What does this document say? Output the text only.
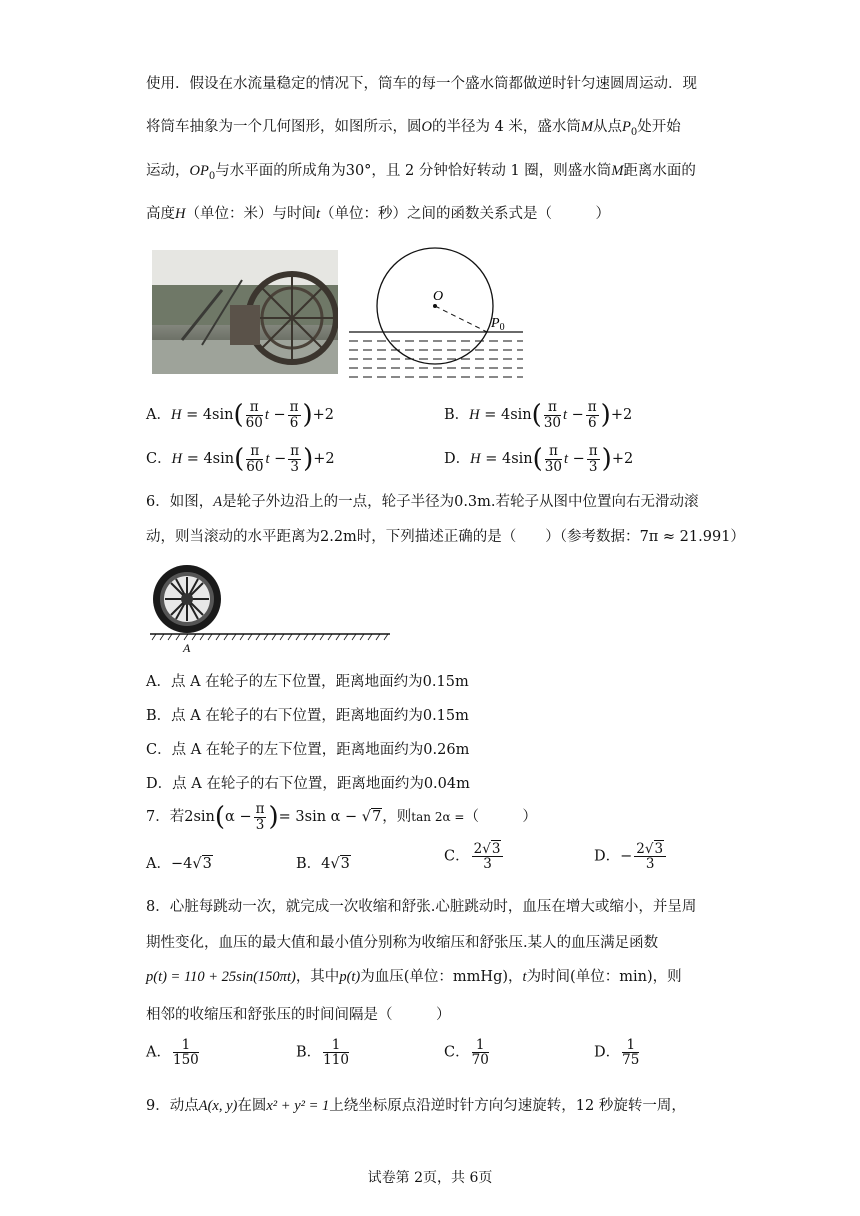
使用．假设在水流量稳定的情况下，筒车的每一个盛水筒都做逆时针匀速圆周运动．现
将筒车抽象为一个几何图形，如图所示，圆O的半径为 4 米，盛水筒M从点$P_0$处开始
运动，$OP_0$与水平面的所成角为30°，且 2 分钟恰好转动 1 圈，则盛水筒M距离水面的
高度H（单位：米）与时间t（单位：秒）之间的函数关系式是（　　　）
O
$P_0$
A．$H = 4\sin( \frac{\pi}{60}$ $t - \frac{\pi}{6} )+2$	B．$H = 4\sin( \frac{\pi}{30}$ $t - \frac{\pi}{6} )+2$
C．$H = 4\sin( \frac{\pi}{60}$ $t - \frac{\pi}{3} )+2$	D．$H = 4\sin( \frac{\pi}{30}$ $t - \frac{\pi}{3} )+2$
6．如图，A是轮子外边沿上的一点，轮子半径为0.3m.若轮子从图中位置向右无滑动滚
动，则当滚动的水平距离为2.2m时，下列描述正确的是（　　）（参考数据：7π ≈ 21.991）
A
A．点 A 在轮子的左下位置，距离地面约为0.15m
B．点 A 在轮子的右下位置，距离地面约为0.15m
C．点 A 在轮子的左下位置，距离地面约为0.26m
D．点 A 在轮子的右下位置，距离地面约为0.04m
7．若$2\sin(\alpha - \frac{\pi}{3}$ )= 3sin α − √7，则tan 2α =（　　　）
A．−4√3	B．4√3	C． $\frac{2√3}{3}$	D．− $\frac{2√3}{3}$
8．心脏每跳动一次，就完成一次收缩和舒张.心脏跳动时，血压在增大或缩小，并呈周
期性变化，血压的最大值和最小值分别称为收缩压和舒张压.某人的血压满足函数
p(t) = 110 + 25sin(150πt)，其中p(t)为血压(单位：mmHg)，t为时间(单位：min)，则
相邻的收缩压和舒张压的时间间隔是（　　　）
A． $\frac{1}{150}$	B． $\frac{1}{110}$	C． $\frac{1}{70}$	D． $\frac{1}{75}$
9．动点A(x, y)在圆x² + y² = 1上绕坐标原点沿逆时针方向匀速旋转，12 秒旋转一周，
试卷第 2页，共 6页
